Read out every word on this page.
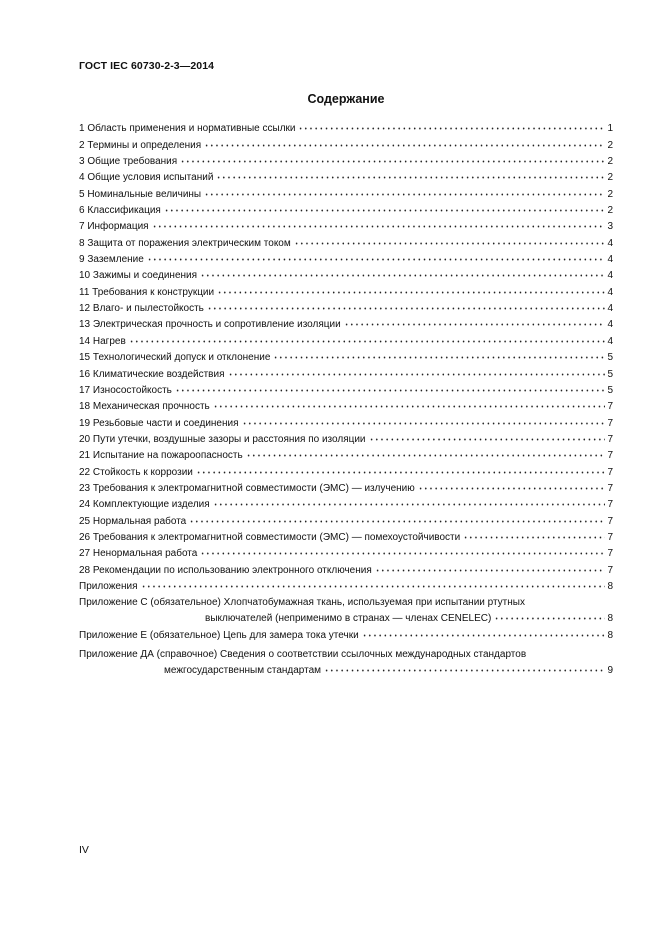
ГОСТ IEC 60730-2-3—2014
Содержание
1 Область применения и нормативные ссылки	1
2 Термины и определения	2
3 Общие требования	2
4 Общие условия испытаний	2
5 Номинальные величины	2
6 Классификация	2
7 Информация	3
8 Защита от поражения электрическим током	4
9 Заземление	4
10 Зажимы и соединения	4
11 Требования к конструкции	4
12 Влаго- и пылестойкость	4
13 Электрическая прочность и сопротивление изоляции	4
14 Нагрев	4
15 Технологический допуск и отклонение	5
16 Климатические воздействия	5
17 Износостойкость	5
18 Механическая прочность	7
19 Резьбовые части и соединения	7
20 Пути утечки, воздушные зазоры и расстояния по изоляции	7
21 Испытание на пожароопасность	7
22 Стойкость к коррозии	7
23 Требования к электромагнитной совместимости (ЭМС) — излучению	7
24 Комплектующие изделия	7
25 Нормальная работа	7
26 Требования к электромагнитной совместимости (ЭМС) — помехоустойчивости	7
27 Ненормальная работа	7
28 Рекомендации по использованию электронного отключения	7
Приложения	8
Приложение С (обязательное) Хлопчатобумажная ткань, используемая при испытании ртутных
выключателей (неприменимо в странах — членах CENELEC)	8
Приложение Е (обязательное) Цепь для замера тока утечки	8
Приложение ДА (справочное) Сведения о соответствии ссылочных международных стандартов
межгосударственным стандартам	9
IV
